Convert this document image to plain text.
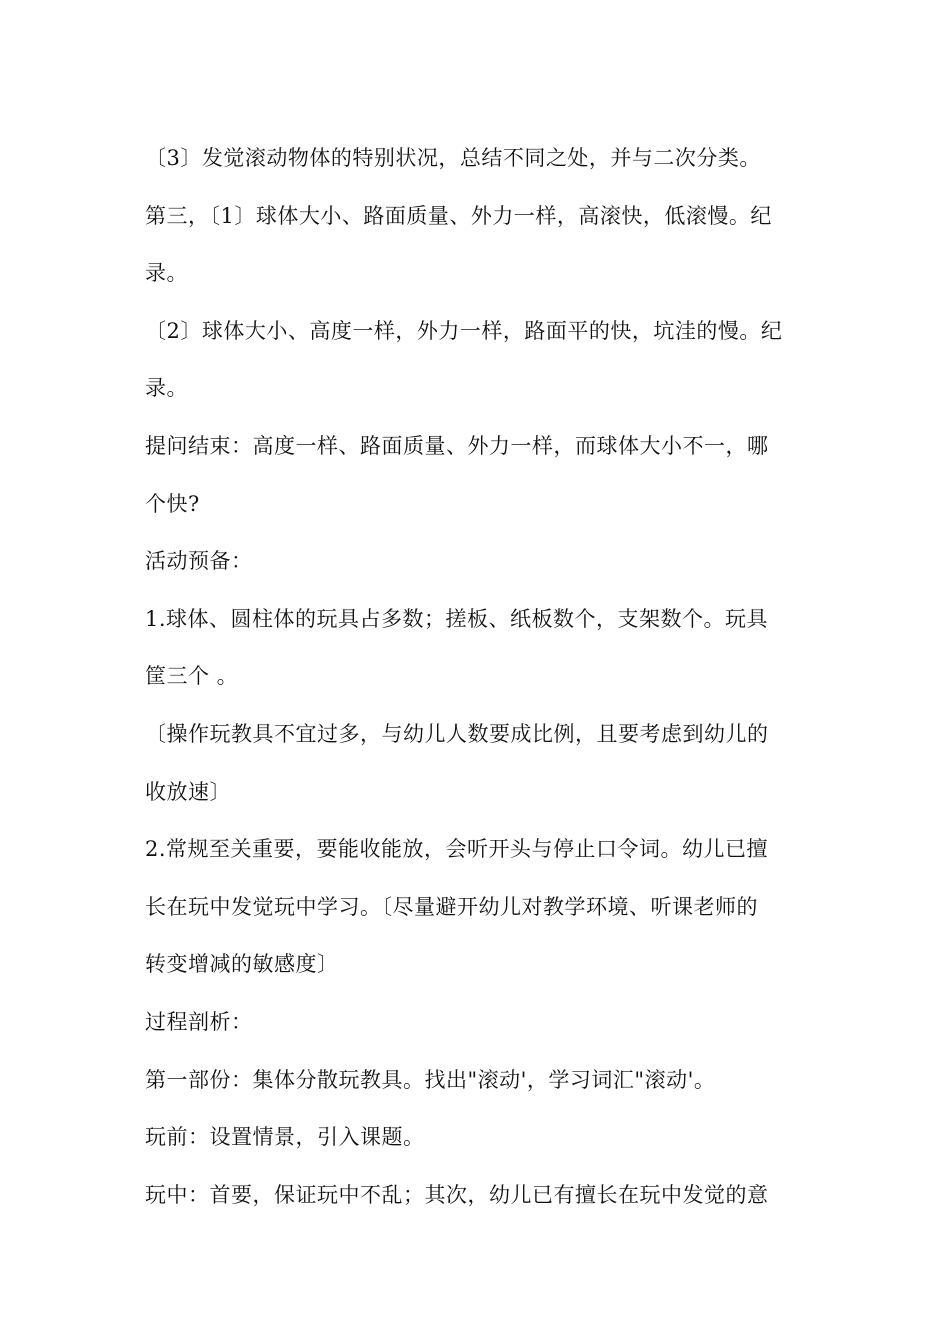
〔3〕发觉滚动物体的特别状况，总结不同之处，并与二次分类。
第三，〔1〕球体大小、路面质量、外力一样，高滚快，低滚慢。纪
录。
〔2〕球体大小、高度一样，外力一样，路面平的快，坑洼的慢。纪
录。
提问结束：高度一样、路面质量、外力一样，而球体大小不一，哪
个快?
活动预备：
1.球体、圆柱体的玩具占多数；搓板、纸板数个，支架数个。玩具
筐三个 。
〔操作玩教具不宜过多，与幼儿人数要成比例，且要考虑到幼儿的
收放速〕
2.常规至关重要，要能收能放，会听开头与停止口令词。幼儿已擅
长在玩中发觉玩中学习。〔尽量避开幼儿对教学环境、听课老师的
转变增减的敏感度〕
过程剖析：
第一部份：集体分散玩教具。找出"滚动'，学习词汇"滚动'。
玩前：设置情景，引入课题。
玩中：首要，保证玩中不乱；其次，幼儿已有擅长在玩中发觉的意
